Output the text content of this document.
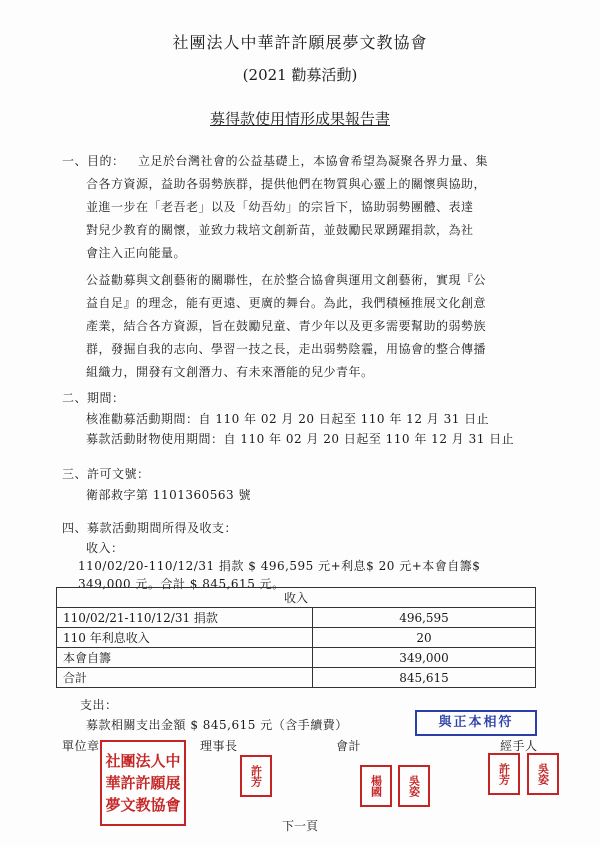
社團法人中華許許願展夢文教協會
(2021 勸募活動)
募得款使用情形成果報告書
一、目的： 立足於台灣社會的公益基礎上，本協會希望為凝聚各界力量、集
合各方資源，益助各弱勢族群，提供他們在物質與心靈上的關懷與協助，
並進一步在「老吾老」以及「幼吾幼」的宗旨下，協助弱勢團體、表達
對兒少教育的關懷，並致力栽培文創新苗，並鼓勵民眾踴躍捐款，為社
會注入正向能量。
公益勸募與文創藝術的關聯性，在於整合協會與運用文創藝術，實現『公
益自足』的理念，能有更遠、更廣的舞台。為此，我們積極推展文化創意
產業，結合各方資源，旨在鼓勵兒童、青少年以及更多需要幫助的弱勢族
群，發掘自我的志向、學習一技之長，走出弱勢陰霾，用協會的整合傳播
組織力，開發有文創潛力、有未來潛能的兒少青年。
二、期間：
核准勸募活動期間：自 110 年 02 月 20 日起至 110 年 12 月 31 日止
募款活動財物使用期間：自 110 年 02 月 20 日起至 110 年 12 月 31 日止
三、許可文號：
衛部救字第 1101360563 號
四、募款活動期間所得及收支：
收入：
110/02/20-110/12/31 捐款 $ 496,595 元+利息$ 20 元+本會自籌$
349,000 元。合計 $ 845,615 元。
收入	
110/02/21-110/12/31 捐款	496,595
110 年利息收入	20
本會自籌	349,000
合計	845,615
支出：
募款相關支出金額 $ 845,615 元（含手續費）	與正本相符
單位章	理事長	會計	經手人
社團法人中華許許願展夢文教協會
許芳	楊國	吳姿
許芳	吳姿
下一頁
